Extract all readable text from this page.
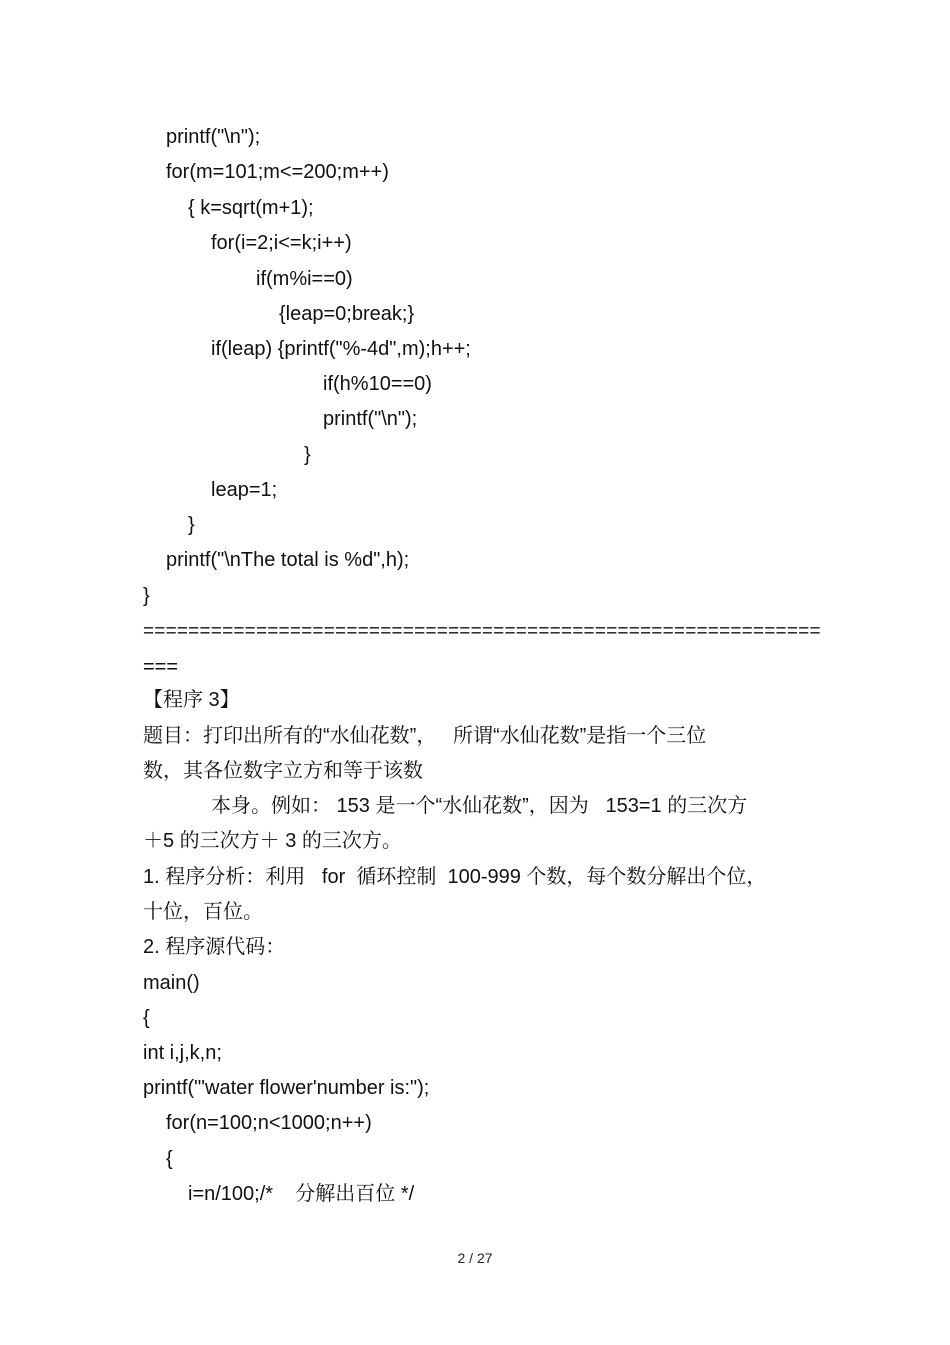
printf("\n");
for(m=101;m<=200;m++)
{ k=sqrt(m+1);
for(i=2;i<=k;i++)
if(m%i==0)
{leap=0;break;}
if(leap) {printf("%-4d",m);h++;
if(h%10==0)
printf("\n");
}
leap=1;
}
printf("\nThe total is %d",h);
}
============================================================
===
【程序 3】
题目：打印出所有的“水仙花数”，   所谓“水仙花数”是指一个三位
数，其各位数字立方和等于该数
本身。例如： 153 是一个“水仙花数”，因为   153=1 的三次方
＋5 的三次方＋ 3 的三次方。
1. 程序分析：利用   for  循环控制  100-999 个数，每个数分解出个位，
十位，百位。
2. 程序源代码：
main()
{
int i,j,k,n;
printf("'water flower'number is:");
for(n=100;n<1000;n++)
{
i=n/100;/*    分解出百位 */
2 / 27
